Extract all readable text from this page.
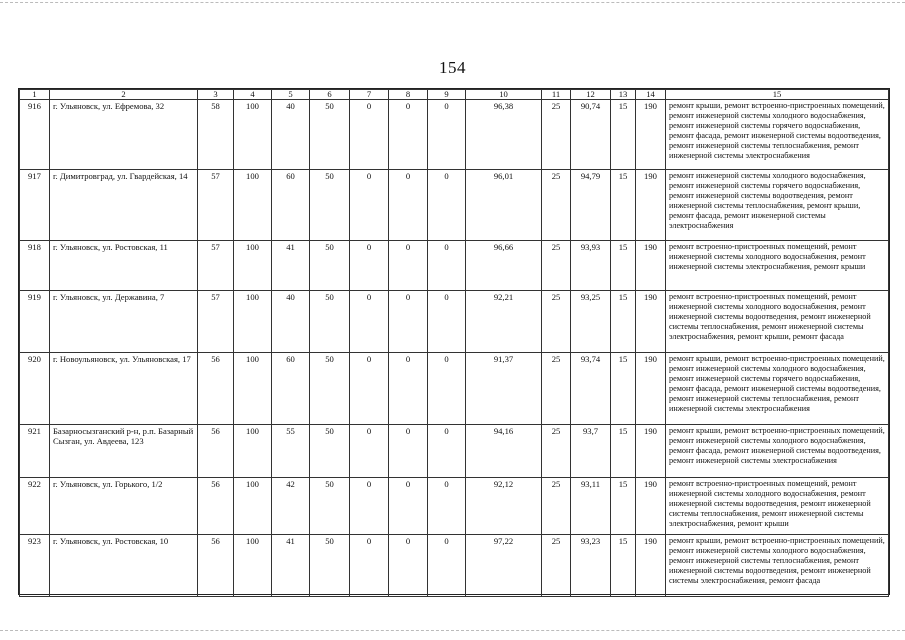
154
1	2	3	4	5	6	7	8	9	10	11	12	13	14	15
916	г. Ульяновск, ул. Ефремова, 32	58	100	40	50	0	0	0	96,38	25	90,74	15	190	ремонт крыши, ремонт встроенно-пристроенных помещений, ремонт инженерной системы холодного водоснабжения, ремонт инженерной системы горячего водоснабжения, ремонт фасада, ремонт инженерной системы водоотведения, ремонт инженерной системы теплоснабжения, ремонт инженерной системы электроснабжения
917	г. Димитровград, ул. Гвардейская, 14	57	100	60	50	0	0	0	96,01	25	94,79	15	190	ремонт инженерной системы холодного водоснабжения, ремонт инженерной системы горячего водоснабжения, ремонт инженерной системы водоотведения, ремонт инженерной системы теплоснабжения, ремонт крыши, ремонт фасада, ремонт инженерной системы электроснабжения
918	г. Ульяновск, ул. Ростовская, 11	57	100	41	50	0	0	0	96,66	25	93,93	15	190	ремонт встроенно-пристроенных помещений, ремонт инженерной системы холодного водоснабжения, ремонт инженерной системы электроснабжения, ремонт крыши
919	г. Ульяновск, ул. Державина, 7	57	100	40	50	0	0	0	92,21	25	93,25	15	190	ремонт встроенно-пристроенных помещений, ремонт инженерной системы холодного водоснабжения, ремонт инженерной системы водоотведения, ремонт инженерной системы теплоснабжения, ремонт инженерной системы электроснабжения, ремонт крыши, ремонт фасада
920	г. Новоульяновск, ул. Ульяновская, 17	56	100	60	50	0	0	0	91,37	25	93,74	15	190	ремонт крыши, ремонт встроенно-пристроенных помещений, ремонт инженерной системы холодного водоснабжения, ремонт инженерной системы горячего водоснабжения, ремонт фасада, ремонт инженерной системы водоотведения, ремонт инженерной системы теплоснабжения, ремонт инженерной системы электроснабжения
921	Базарносызганский р-н, р.п. Базарный Сызган, ул. Авдеева, 123	56	100	55	50	0	0	0	94,16	25	93,7	15	190	ремонт крыши, ремонт встроенно-пристроенных помещений, ремонт инженерной системы холодного водоснабжения, ремонт фасада, ремонт инженерной системы водоотведения, ремонт инженерной системы электроснабжения
922	г. Ульяновск, ул. Горького, 1/2	56	100	42	50	0	0	0	92,12	25	93,11	15	190	ремонт встроенно-пристроенных помещений, ремонт инженерной системы холодного водоснабжения, ремонт инженерной системы водоотведения, ремонт инженерной системы теплоснабжения, ремонт инженерной системы электроснабжения, ремонт крыши
923	г. Ульяновск, ул. Ростовская, 10	56	100	41	50	0	0	0	97,22	25	93,23	15	190	ремонт крыши, ремонт встроенно-пристроенных помещений, ремонт инженерной системы холодного водоснабжения, ремонт инженерной системы теплоснабжения, ремонт инженерной системы водоотведения, ремонт инженерной системы электроснабжения, ремонт фасада
